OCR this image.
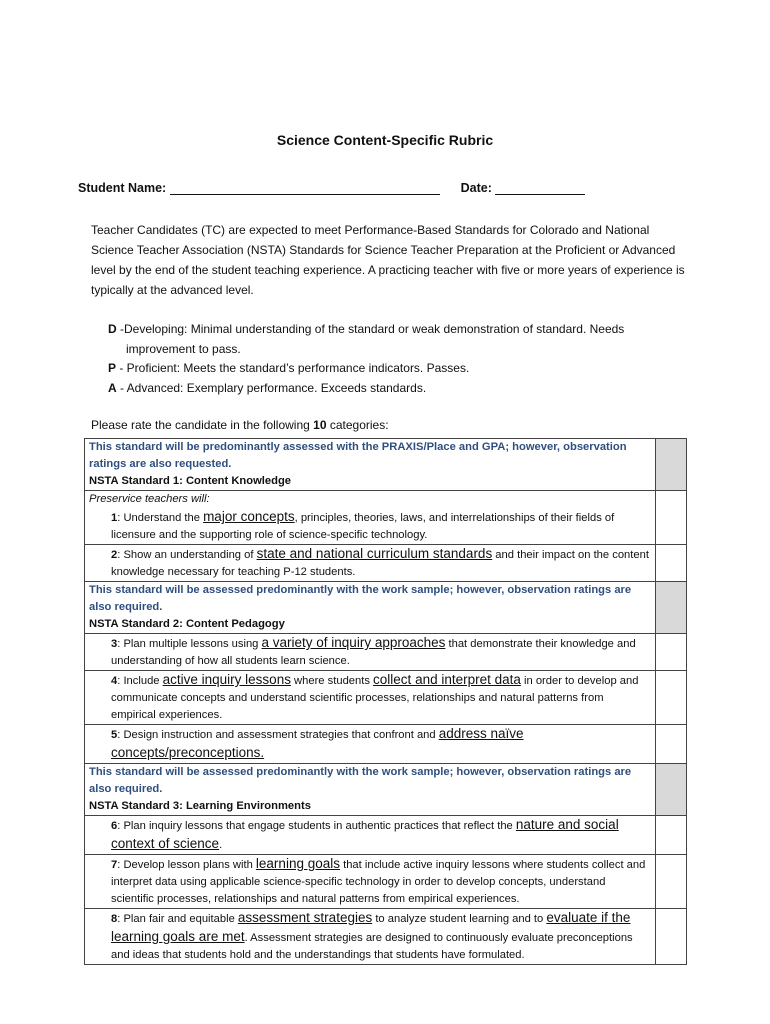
Science Content-Specific Rubric
Student Name:	Date:
Teacher Candidates (TC) are expected to meet Performance-Based Standards for Colorado and National Science Teacher Association (NSTA) Standards for Science Teacher Preparation at the Proficient or Advanced level by the end of the student teaching experience. A practicing teacher with five or more years of experience is typically at the advanced level.
D -Developing: Minimal understanding of the standard or weak demonstration of standard. Needs improvement to pass.
P - Proficient: Meets the standard’s performance indicators. Passes.
A - Advanced: Exemplary performance. Exceeds standards.
Please rate the candidate in the following 10 categories:
This standard will be predominantly assessed with the PRAXIS/Place and GPA; however, observation ratings are also requested.
NSTA Standard 1: Content Knowledge	

Preservice teachers will:
1: Understand the major concepts, principles, theories, laws, and interrelationships of their fields of licensure and the supporting role of science-specific technology.	

2: Show an understanding of state and national curriculum standards and their impact on the content knowledge necessary for teaching P-12 students.	

This standard will be assessed predominantly with the work sample; however, observation ratings are also required.
NSTA Standard 2: Content Pedagogy	

3: Plan multiple lessons using a variety of inquiry approaches that demonstrate their knowledge and understanding of how all students learn science.	

4: Include active inquiry lessons where students collect and interpret data in order to develop and communicate concepts and understand scientific processes, relationships and natural patterns from empirical experiences.	

5: Design instruction and assessment strategies that confront and address naïve concepts/preconceptions.	

This standard will be assessed predominantly with the work sample; however, observation ratings are also required.
NSTA Standard 3: Learning Environments	

6: Plan inquiry lessons that engage students in authentic practices that reflect the nature and social context of science.	

7: Develop lesson plans with learning goals that include active inquiry lessons where students collect and interpret data using applicable science-specific technology in order to develop concepts, understand scientific processes, relationships and natural patterns from empirical experiences.	

8: Plan fair and equitable assessment strategies to analyze student learning and to evaluate if the learning goals are met. Assessment strategies are designed to continuously evaluate preconceptions and ideas that students hold and the understandings that students have formulated.	
